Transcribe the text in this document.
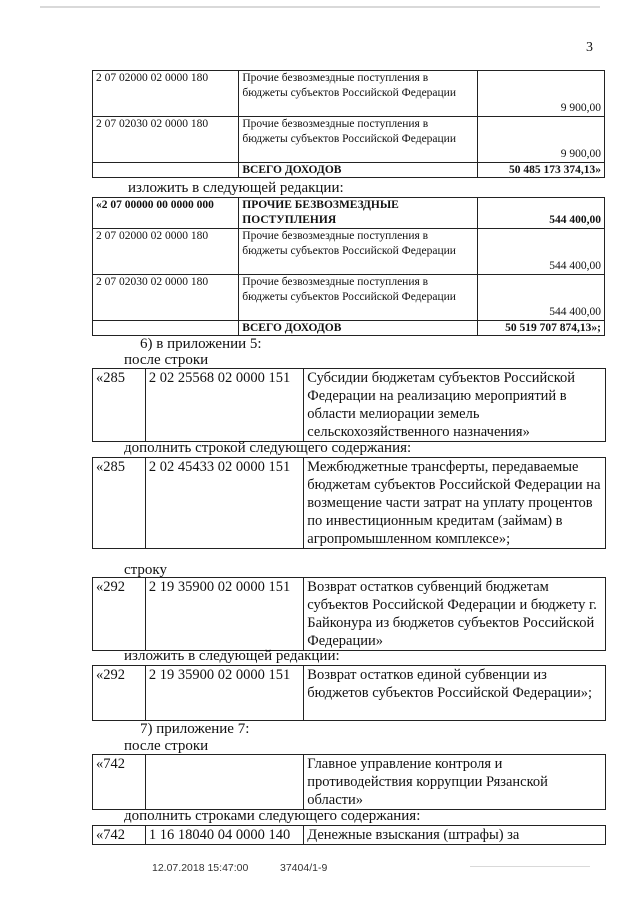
3
2 07 02000 02 0000 180	Прочие безвозмездные поступления в бюджеты субъектов Российской Федерации	9 900,00
2 07 02030 02 0000 180	Прочие безвозмездные поступления в бюджеты субъектов Российской Федерации	9 900,00
	ВСЕГО ДОХОДОВ	50 485 173 374,13»
изложить в следующей редакции:
«2 07 00000 00 0000 000	ПРОЧИЕ БЕЗВОЗМЕЗДНЫЕ ПОСТУПЛЕНИЯ	544 400,00
2 07 02000 02 0000 180	Прочие безвозмездные поступления в бюджеты субъектов Российской Федерации	544 400,00
2 07 02030 02 0000 180	Прочие безвозмездные поступления в бюджеты субъектов Российской Федерации	544 400,00
	ВСЕГО ДОХОДОВ	50 519 707 874,13»;
6) в приложении 5:
после строки
«285	2 02 25568 02 0000 151	Субсидии бюджетам субъектов Российской Федерации на реализацию мероприятий в области мелиорации земель сельскохозяйственного назначения»
дополнить строкой следующего содержания:
«285	2 02 45433 02 0000 151	Межбюджетные трансферты, передаваемые бюджетам субъектов Российской Федерации на возмещение части затрат на уплату процентов по инвестиционным кредитам (займам) в агропромышленном комплексе»;
строку
«292	2 19 35900 02 0000 151	Возврат остатков субвенций бюджетам субъектов Российской Федерации и бюджету г. Байконура из бюджетов субъектов Российской Федерации»
изложить в следующей редакции:
«292	2 19 35900 02 0000 151	Возврат остатков единой субвенции из бюджетов субъектов Российской Федерации»;
7) приложение 7:
после строки
«742		Главное управление контроля и противодействия коррупции Рязанской области»
дополнить строками следующего содержания:
«742	1 16 18040 04 0000 140	Денежные взыскания (штрафы) за
12.07.2018 15:47:00	37404/1-9
